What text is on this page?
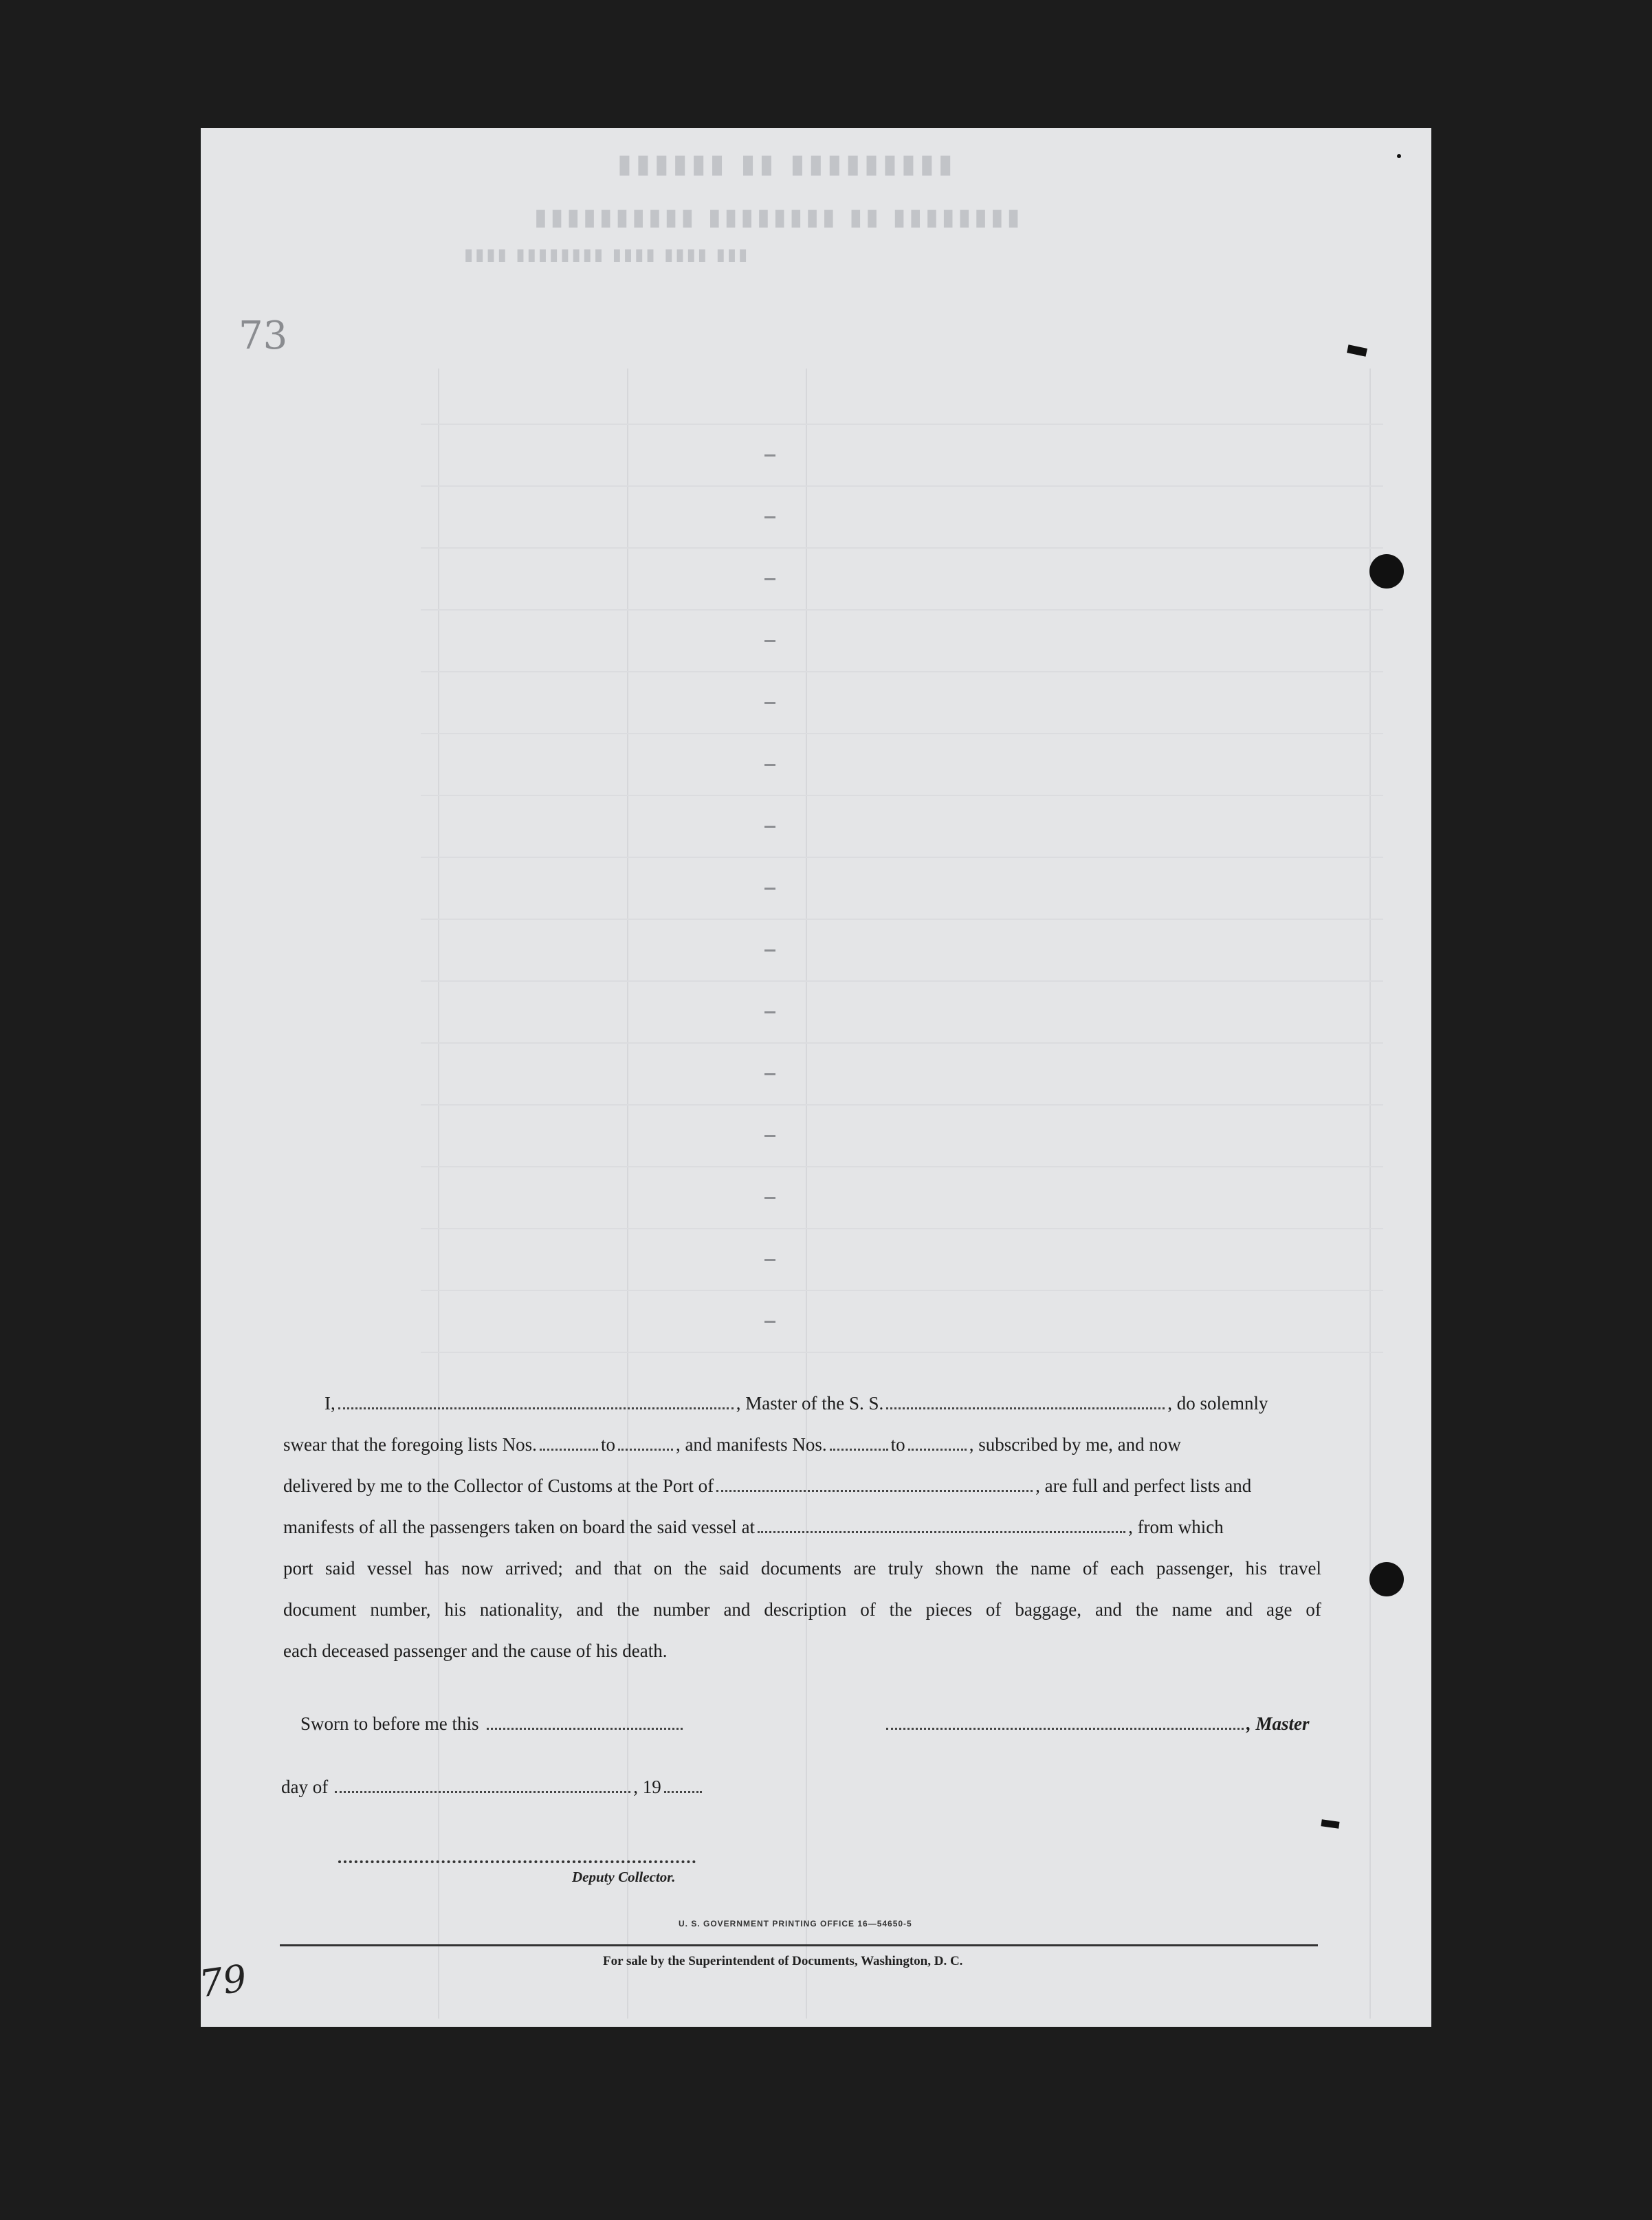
▮▮▮▮▮▮▮▮▮ ▮▮ ▮▮▮▮▮▮
▮▮▮▮▮▮▮▮ ▮▮ ▮▮▮▮▮▮▮▮ ▮▮▮▮▮▮▮▮▮▮
▮▮▮ ▮▮▮▮ ▮▮▮▮ ▮▮▮▮▮▮▮▮ ▮▮▮▮
73
I,	, Master of the S. S.	, do solemnly
swear that the foregoing lists Nos.	to	, and manifests Nos.	to	, subscribed by me, and now
delivered by me to the Collector of Customs at the Port of	, are full and perfect lists and
manifests of all the passengers taken on board the said vessel at	, from which
port said vessel has now arrived; and that on the said documents are truly shown the name of each passenger, his travel
document number, his nationality, and the number and description of the pieces of baggage, and the name and age of
each deceased passenger and the cause of his death.
Sworn to before me this	, Master
day of	, 19
Deputy Collector.
U. S. GOVERNMENT PRINTING OFFICE 16—54650-5
For sale by the Superintendent of Documents, Washington, D. C.
79
